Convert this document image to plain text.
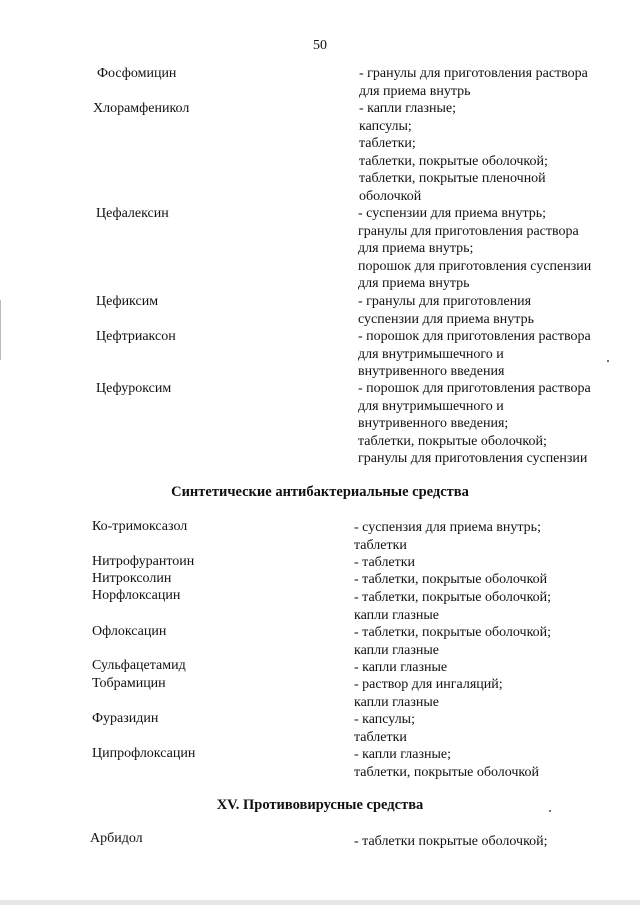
50
Фосфомицин	- гранулы для приготовления раствора
для приема внутрь
Хлорамфеникол	- капли глазные;
капсулы;
таблетки;
таблетки, покрытые оболочкой;
таблетки, покрытые пленочной
оболочкой
Цефалексин	- суспензии для приема внутрь;
гранулы для приготовления раствора
для приема внутрь;
порошок для приготовления суспензии
для приема внутрь
Цефиксим	- гранулы для приготовления
суспензии для приема внутрь
Цефтриаксон	- порошок для приготовления раствора
для внутримышечного и
внутривенного введения
Цефуроксим	- порошок для приготовления раствора
для внутримышечного и
внутривенного введения;
таблетки, покрытые оболочкой;
гранулы для приготовления суспензии
Синтетические антибактериальные средства
Ко-тримоксазол	- суспензия для приема внутрь;
таблетки
Нитрофурантоин	- таблетки
Нитроксолин	- таблетки, покрытые оболочкой
Норфлоксацин	- таблетки, покрытые оболочкой;
капли глазные
Офлоксацин	- таблетки, покрытые оболочкой;
капли глазные
Сульфацетамид	- капли глазные
Тобрамицин	- раствор для ингаляций;
капли глазные
Фуразидин	- капсулы;
таблетки
Ципрофлоксацин	- капли глазные;
таблетки, покрытые оболочкой
XV. Противовирусные средства
Арбидол	- таблетки покрытые оболочкой;
